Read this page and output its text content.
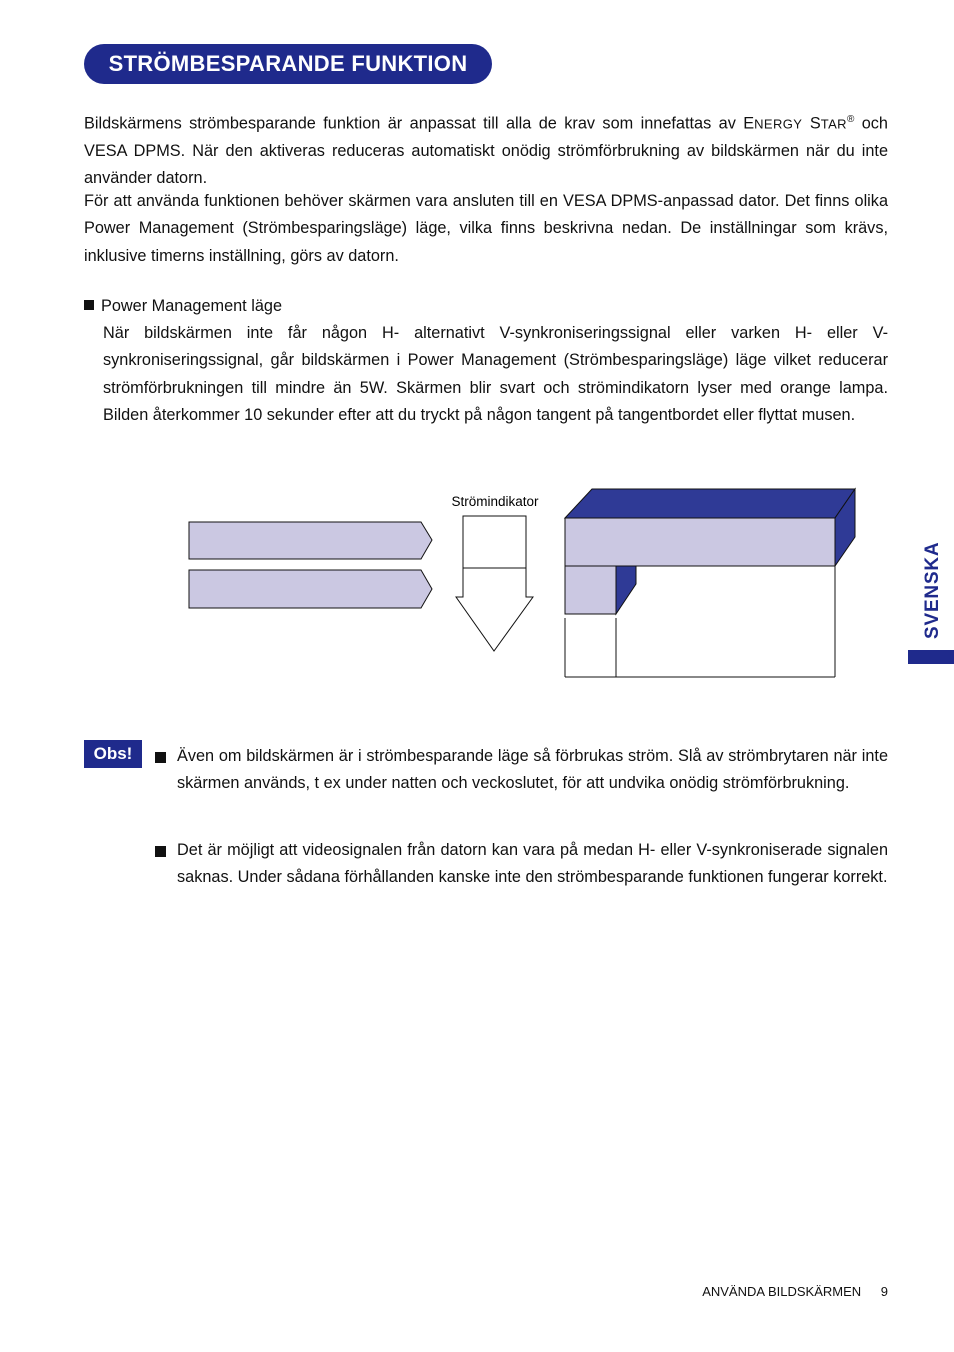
STRÖMBESPARANDE FUNKTION

Bildskärmens strömbesparande funktion är anpassat till alla de krav som innefattas av ENERGY STAR® och VESA DPMS. När den aktiveras reduceras automatiskt onödig strömförbrukning av bildskärmen när du inte använder datorn.

För att använda funktionen behöver skärmen vara ansluten till en VESA DPMS-anpassad dator. Det finns olika Power Management (Strömbesparingsläge) läge, vilka finns beskrivna nedan. De inställningar som krävs, inklusive timerns inställning, görs av datorn.

Power Management läge

När bildskärmen inte får någon H- alternativt V-synkroniseringssignal eller varken H- eller V-synkroniseringssignal, går bildskärmen i Power Management (Strömbesparingsläge) läge vilket reducerar strömförbrukningen till mindre än 5W. Skärmen blir svart och strömindikatorn lyser med orange lampa. Bilden återkommer 10 sekunder efter att du tryckt på någon tangent på tangentbordet eller flyttat musen.

Strömindikator
SVENSKA
Obs!	Även om bildskärmen är i strömbesparande läge så förbrukas ström. Slå av strömbrytaren när inte skärmen används, t ex under natten och veckoslutet, för att undvika onödig strömförbrukning.

Det är möjligt att videosignalen från datorn kan vara på medan H- eller V-synkroniserade signalen saknas. Under sådana förhållanden kanske inte den strömbesparande funktionen fungerar korrekt.

ANVÄNDA BILDSKÄRMEN 9
